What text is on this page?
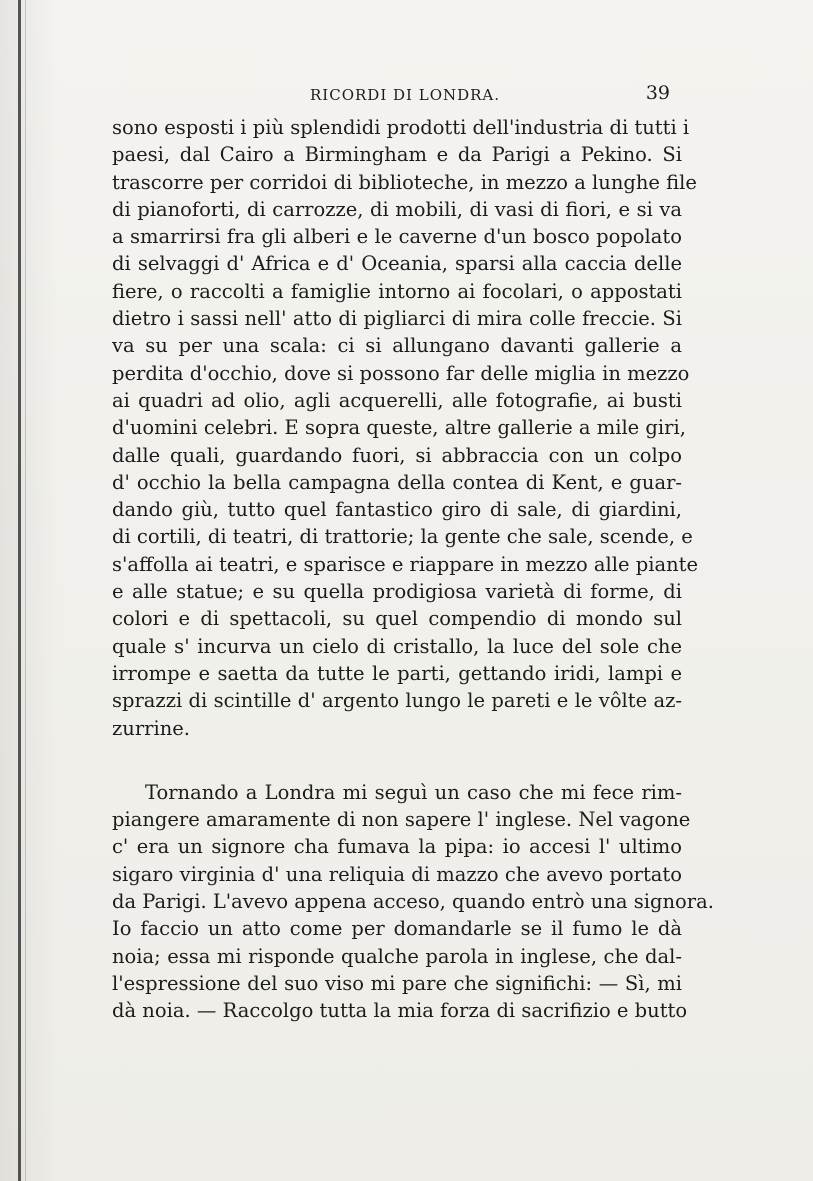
RICORDI DI LONDRA.	39
sono esposti i più splendidi prodotti dell'industria di tutti i
paesi, dal Cairo a Birmingham e da Parigi a Pekino. Si
trascorre per corridoi di biblioteche, in mezzo a lunghe file
di pianoforti, di carrozze, di mobili, di vasi di fiori, e si va
a smarrirsi fra gli alberi e le caverne d'un bosco popolato
di selvaggi d' Africa e d' Oceania, sparsi alla caccia delle
fiere, o raccolti a famiglie intorno ai focolari, o appostati
dietro i sassi nell' atto di pigliarci di mira colle freccie. Si
va su per una scala: ci si allungano davanti gallerie a
perdita d'occhio, dove si possono far delle miglia in mezzo
ai quadri ad olio, agli acquerelli, alle fotografie, ai busti
d'uomini celebri. E sopra queste, altre gallerie a mile giri,
dalle quali, guardando fuori, si abbraccia con un colpo
d' occhio la bella campagna della contea di Kent, e guar-
dando giù, tutto quel fantastico giro di sale, di giardini,
di cortili, di teatri, di trattorie; la gente che sale, scende, e
s'affolla ai teatri, e sparisce e riappare in mezzo alle piante
e alle statue; e su quella prodigiosa varietà di forme, di
colori e di spettacoli, su quel compendio di mondo sul
quale s' incurva un cielo di cristallo, la luce del sole che
irrompe e saetta da tutte le parti, gettando iridi, lampi e
sprazzi di scintille d' argento lungo le pareti e le vôlte az-
zurrine.
Tornando a Londra mi seguì un caso che mi fece rim-
piangere amaramente di non sapere l' inglese. Nel vagone
c' era un signore cha fumava la pipa: io accesi l' ultimo
sigaro virginia d' una reliquia di mazzo che avevo portato
da Parigi. L'avevo appena acceso, quando entrò una signora.
Io faccio un atto come per domandarle se il fumo le dà
noia; essa mi risponde qualche parola in inglese, che dal-
l'espressione del suo viso mi pare che significhi: — Sì, mi
dà noia. — Raccolgo tutta la mia forza di sacrifizio e butto
